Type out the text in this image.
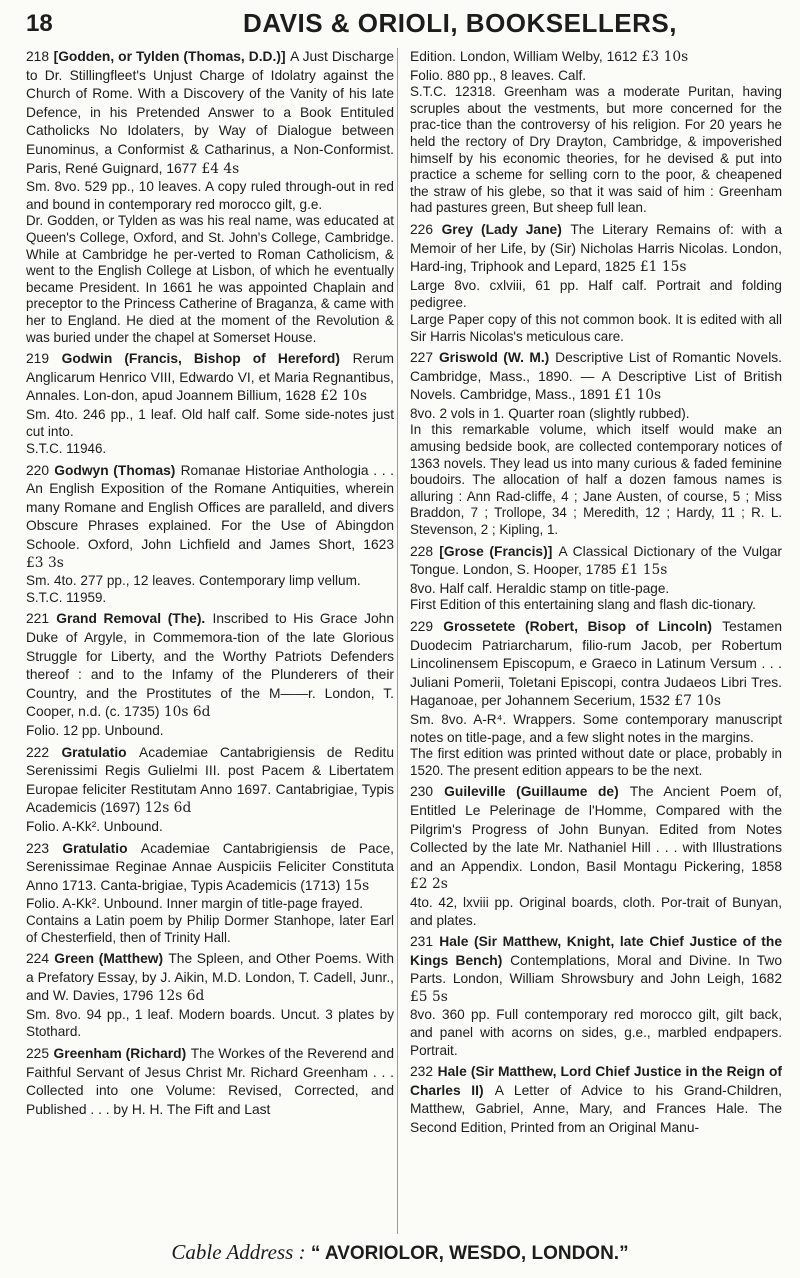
18	DAVIS & ORIOLI, BOOKSELLERS,

218 [Godden, or Tylden (Thomas, D.D.)] A Just Discharge to Dr. Stillingfleet's Unjust Charge of Idolatry against the Church of Rome. With a Discovery of the Vanity of his late Defence, in his Pretended Answer to a Book Entituled Catholicks No Idolaters, by Way of Dialogue between Eunominus, a Conformist & Catharinus, a Non-Conformist. Paris, René Guignard, 1677 £4 4s

Sm. 8vo. 529 pp., 10 leaves. A copy ruled through-out in red and bound in contemporary red morocco gilt, g.e.

Dr. Godden, or Tylden as was his real name, was educated at Queen's College, Oxford, and St. John's College, Cambridge. While at Cambridge he per-verted to Roman Catholicism, & went to the English College at Lisbon, of which he eventually became President. In 1661 he was appointed Chaplain and preceptor to the Princess Catherine of Braganza, & came with her to England. He died at the moment of the Revolution & was buried under the chapel at Somerset House.

219 Godwin (Francis, Bishop of Hereford) Rerum Anglicarum Henrico VIII, Edwardo VI, et Maria Regnantibus, Annales. Lon-don, apud Joannem Billium, 1628 £2 10s

Sm. 4to. 246 pp., 1 leaf. Old half calf. Some side-notes just cut into.

S.T.C. 11946.

220 Godwyn (Thomas) Romanae Historiae Anthologia . . . An English Exposition of the Romane Antiquities, wherein many Romane and English Offices are paralleld, and divers Obscure Phrases explained. For the Use of Abingdon Schoole. Oxford, John Lichfield and James Short, 1623 £3 3s

Sm. 4to. 277 pp., 12 leaves. Contemporary limp vellum.

S.T.C. 11959.

221 Grand Removal (The). Inscribed to His Grace John Duke of Argyle, in Commemora-tion of the late Glorious Struggle for Liberty, and the Worthy Patriots Defenders thereof : and to the Infamy of the Plunderers of their Country, and the Prostitutes of the M——r. London, T. Cooper, n.d. (c. 1735) 10s 6d

Folio. 12 pp. Unbound.

222 Gratulatio Academiae Cantabrigiensis de Reditu Serenissimi Regis Gulielmi III. post Pacem & Libertatem Europae feliciter Restitutam Anno 1697. Cantabrigiae, Typis Academicis (1697) 12s 6d

Folio. A-Kk². Unbound.

223 Gratulatio Academiae Cantabrigiensis de Pace, Serenissimae Reginae Annae Auspiciis Feliciter Constituta Anno 1713. Canta-brigiae, Typis Academicis (1713) 15s

Folio. A-Kk². Unbound. Inner margin of title-page frayed.

Contains a Latin poem by Philip Dormer Stanhope, later Earl of Chesterfield, then of Trinity Hall.

224 Green (Matthew) The Spleen, and Other Poems. With a Prefatory Essay, by J. Aikin, M.D. London, T. Cadell, Junr., and W. Davies, 1796 12s 6d

Sm. 8vo. 94 pp., 1 leaf. Modern boards. Uncut. 3 plates by Stothard.

225 Greenham (Richard) The Workes of the Reverend and Faithful Servant of Jesus Christ Mr. Richard Greenham . . . Collected into one Volume: Revised, Corrected, and Published . . . by H. H. The Fift and Last

Edition. London, William Welby, 1612 £3 10s

Folio. 880 pp., 8 leaves. Calf.

S.T.C. 12318. Greenham was a moderate Puritan, having scruples about the vestments, but more concerned for the prac-tice than the controversy of his religion. For 20 years he held the rectory of Dry Drayton, Cambridge, & impoverished himself by his economic theories, for he devised & put into practice a scheme for selling corn to the poor, & cheapened the straw of his glebe, so that it was said of him : Greenham had pastures green, But sheep full lean.

226 Grey (Lady Jane) The Literary Remains of: with a Memoir of her Life, by (Sir) Nicholas Harris Nicolas. London, Hard-ing, Triphook and Lepard, 1825 £1 15s

Large 8vo. cxlviii, 61 pp. Half calf. Portrait and folding pedigree.

Large Paper copy of this not common book. It is edited with all Sir Harris Nicolas's meticulous care.

227 Griswold (W. M.) Descriptive List of Romantic Novels. Cambridge, Mass., 1890. — A Descriptive List of British Novels. Cambridge, Mass., 1891 £1 10s

8vo. 2 vols in 1. Quarter roan (slightly rubbed).

In this remarkable volume, which itself would make an amusing bedside book, are collected contemporary notices of 1363 novels. They lead us into many curious & faded feminine boudoirs. The allocation of half a dozen famous names is alluring : Ann Rad-cliffe, 4 ; Jane Austen, of course, 5 ; Miss Braddon, 7 ; Trollope, 34 ; Meredith, 12 ; Hardy, 11 ; R. L. Stevenson, 2 ; Kipling, 1.

228 [Grose (Francis)] A Classical Dictionary of the Vulgar Tongue. London, S. Hooper, 1785 £1 15s

8vo. Half calf. Heraldic stamp on title-page.

First Edition of this entertaining slang and flash dic-tionary.

229 Grossetete (Robert, Bisop of Lincoln) Testamen Duodecim Patriarcharum, filio-rum Jacob, per Robertum Lincolinensem Episcopum, e Graeco in Latinum Versum . . . Juliani Pomerii, Toletani Episcopi, contra Judaeos Libri Tres. Haganoae, per Johannem Secerium, 1532 £7 10s

Sm. 8vo. A-R⁴. Wrappers. Some contemporary manuscript notes on title-page, and a few slight notes in the margins.

The first edition was printed without date or place, probably in 1520. The present edition appears to be the next.

230 Guileville (Guillaume de) The Ancient Poem of, Entitled Le Pelerinage de l'Homme, Compared with the Pilgrim's Progress of John Bunyan. Edited from Notes Collected by the late Mr. Nathaniel Hill . . . with Illustrations and an Appendix. London, Basil Montagu Pickering, 1858 £2 2s

4to. 42, lxviii pp. Original boards, cloth. Por-trait of Bunyan, and plates.

231 Hale (Sir Matthew, Knight, late Chief Justice of the Kings Bench) Contemplations, Moral and Divine. In Two Parts. London, William Shrowsbury and John Leigh, 1682 £5 5s

8vo. 360 pp. Full contemporary red morocco gilt, gilt back, and panel with acorns on sides, g.e., marbled endpapers. Portrait.

232 Hale (Sir Matthew, Lord Chief Justice in the Reign of Charles II) A Letter of Advice to his Grand-Children, Matthew, Gabriel, Anne, Mary, and Frances Hale. The Second Edition, Printed from an Original Manu-

Cable Address : “ AVORIOLOR, WESDO, LONDON.”
